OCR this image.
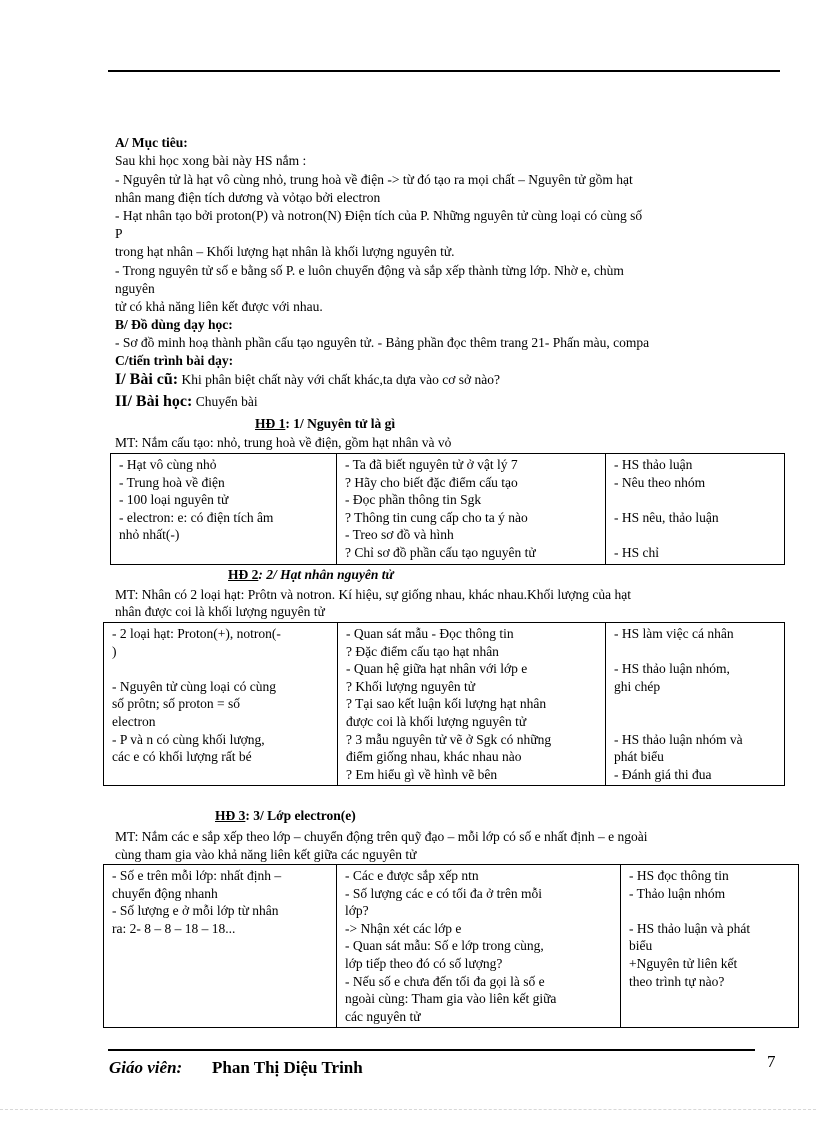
A/ Mục tiêu:
Sau khi học xong bài này HS nắm :
- Nguyên tử là hạt vô cùng nhỏ, trung hoà về điện -> từ đó tạo ra mọi chất – Nguyên tử gồm hạt
nhân mang điện tích dương và vỏtạo bởi electron
- Hạt nhân tạo bởi proton(P) và notron(N) Điện tích của P. Những nguyên tử cùng loại có cùng số
P
trong hạt nhân – Khối lượng hạt nhân là khối lượng nguyên tử.
- Trong nguyên tử số e bằng số P. e luôn chuyển động và sắp xếp thành từng lớp. Nhờ e, chùm
nguyên
tử có khả năng liên kết được với nhau.
B/ Đồ dùng dạy học:
- Sơ đồ minh hoạ thành phần cấu tạo nguyên tử. - Bảng phần đọc thêm trang 21- Phấn màu, compa
C/tiến trình bài dạy:
I/ Bài cũ: Khi phân biệt chất này với chất khác,ta dựa vào cơ sở nào?
II/ Bài học: Chuyển bài
HĐ 1: 1/ Nguyên tử là gì
MT: Nắm cấu tạo: nhỏ, trung hoà về điện, gồm hạt nhân và vỏ
- Hạt vô cùng nhỏ
- Trung hoà về điện
- 100 loại nguyên tử
- electron: e: có điện tích âm
nhỏ nhất(-)

- Ta đã biết nguyên tử ở vật lý 7
? Hãy cho biết đặc điểm cấu tạo
- Đọc phần thông tin Sgk
? Thông tin cung cấp cho ta ý nào
- Treo sơ đồ và hình
? Chỉ sơ đồ phần cấu tạo nguyên tử

- HS thảo luận
- Nêu theo nhóm

- HS nêu, thảo luận

- HS chỉ
HĐ 2: 2/ Hạt nhân nguyên tử
MT: Nhân có 2 loại hạt: Prôtn và notron. Kí hiệu, sự giống nhau, khác nhau.Khối lượng của hạt
nhân được coi là khối lượng nguyên tử
- 2 loại hạt: Proton(+), notron(-
)

- Nguyên tử cùng loại có cùng
số prôtn; số proton = số
electron
- P và n có cùng khối lượng,
các e có khối lượng rất bé

- Quan sát mẫu - Đọc thông tin
? Đặc điểm cấu tạo hạt nhân
- Quan hệ giữa hạt nhân với lớp e
? Khối lượng nguyên tử
? Tại sao kết luận kối lượng hạt nhân
được coi là khối lượng nguyên tử
? 3 mẫu nguyên tử vẽ ở Sgk có những
điểm giống nhau, khác nhau nào
? Em hiểu gì về hình vẽ bên

- HS làm việc cá nhân

- HS thảo luận nhóm,
ghi chép

- HS thảo luận nhóm và
phát biểu
- Đánh giá thi đua
HĐ 3: 3/ Lớp electron(e)
MT: Nắm các e sắp xếp theo lớp – chuyển động trên quỹ đạo – mỗi lớp có số e nhất định – e ngoài
cùng tham gia vào khả năng liên kết giữa các nguyên tử
- Số e trên mỗi lớp: nhất định –
chuyển động nhanh
- Số lượng e ở mỗi lớp từ nhân
ra: 2- 8 – 8 – 18 – 18...

- Các e được sắp xếp ntn
- Số lượng các e có tối đa ở trên mỗi
lớp?
-> Nhận xét các lớp e
- Quan sát mẫu: Số e lớp trong cùng,
lớp tiếp theo đó có số lượng?
- Nếu số e chưa đến tối đa gọi là số e
ngoài cùng: Tham gia vào liên kết giữa
các nguyên tử

- HS đọc thông tin
- Thảo luận nhóm

- HS thảo luận và phát
biểu
+Nguyên tử liên kết
theo trình tự nào?
Giáo viên: Phan Thị Diệu Trinh	7
